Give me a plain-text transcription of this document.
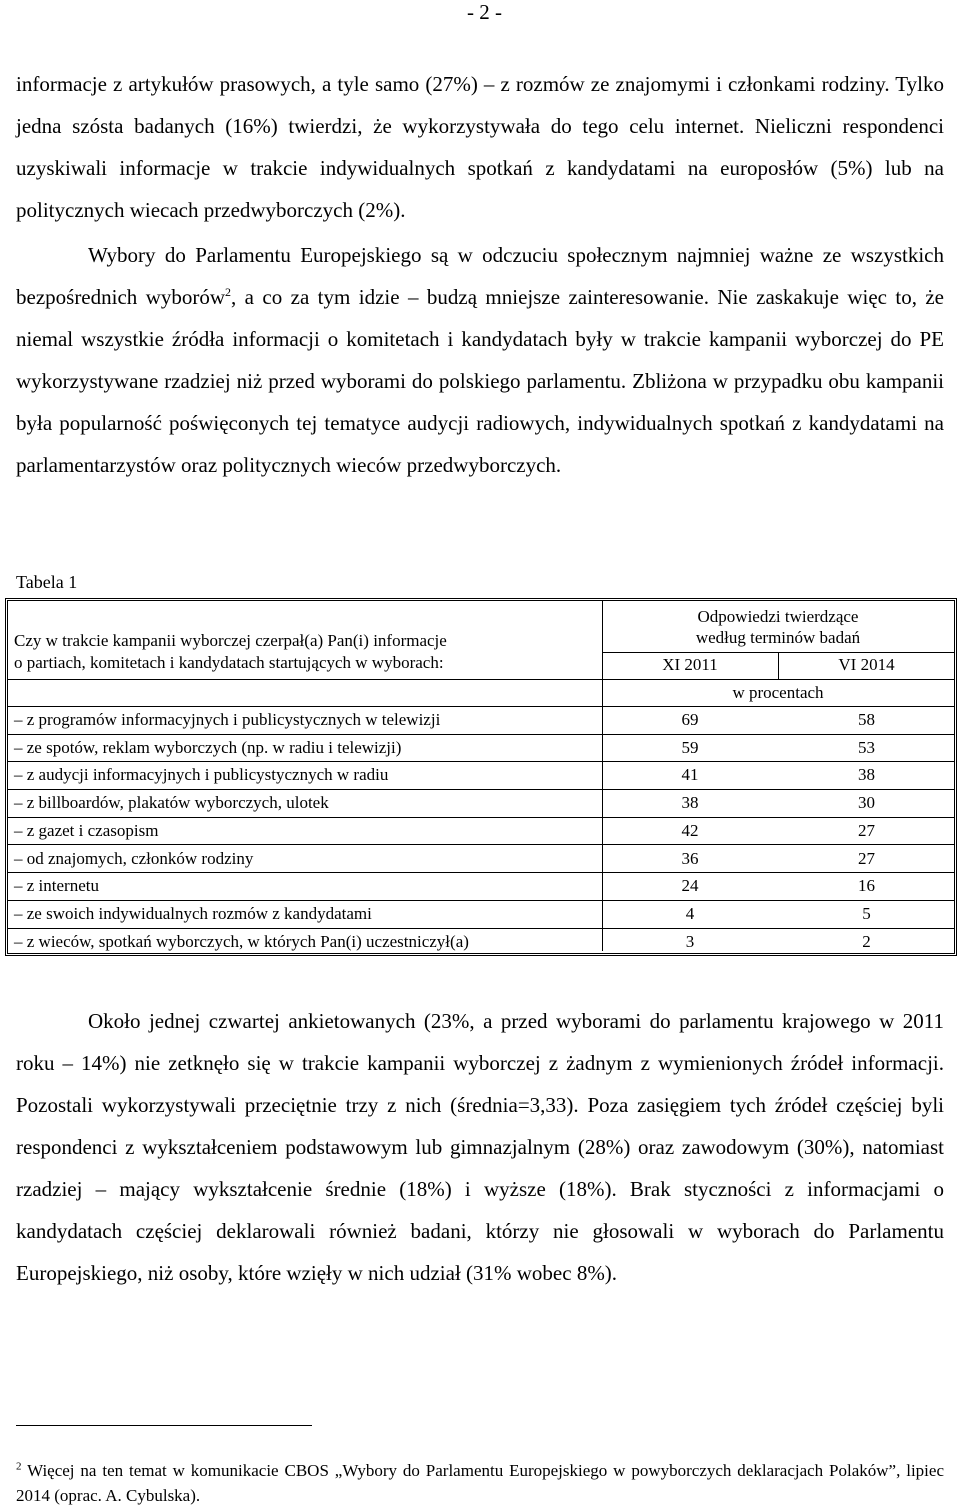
- 2 -

informacje z artykułów prasowych, a tyle samo (27%) – z rozmów ze znajomymi i członkami rodziny. Tylko jedna szósta badanych (16%) twierdzi, że wykorzystywała do tego celu internet. Nieliczni respondenci uzyskiwali informacje w trakcie indywidualnych spotkań z kandydatami na europosłów (5%) lub na politycznych wiecach przedwyborczych (2%).

Wybory do Parlamentu Europejskiego są w odczuciu społecznym najmniej ważne ze wszystkich bezpośrednich wyborów$^2$, a co za tym idzie – budzą mniejsze zainteresowanie. Nie zaskakuje więc to, że niemal wszystkie źródła informacji o komitetach i kandydatach były w trakcie kampanii wyborczej do PE wykorzystywane rzadziej niż przed wyborami do polskiego parlamentu. Zbliżona w przypadku obu kampanii była popularność poświęconych tej tematyce audycji radiowych, indywidualnych spotkań z kandydatami na parlamentarzystów oraz politycznych wieców przedwyborczych.

Tabela 1
Czy w trakcie kampanii wyborczej czerpał(a) Pan(i) informacje
o partiach, komitetach i kandydatach startujących w wyborach:
Odpowiedzi twierdzące
według terminów badań
XI 2011	VI 2014
w procentach
– z programów informacyjnych i publicystycznych w telewizji	69	58
– ze spotów, reklam wyborczych (np. w radiu i telewizji)	59	53
– z audycji informacyjnych i publicystycznych w radiu	41	38
– z billboardów, plakatów wyborczych, ulotek	38	30
– z gazet i czasopism	42	27
– od znajomych, członków rodziny	36	27
– z internetu	24	16
– ze swoich indywidualnych rozmów z kandydatami	4	5
– z wieców, spotkań wyborczych, w których Pan(i) uczestniczył(a)	3	2

Około jednej czwartej ankietowanych (23%, a przed wyborami do parlamentu krajowego w 2011 roku – 14%) nie zetknęło się w trakcie kampanii wyborczej z żadnym z wymienionych źródeł informacji. Pozostali wykorzystywali przeciętnie trzy z nich (średnia=3,33). Poza zasięgiem tych źródeł częściej byli respondenci z wykształceniem podstawowym lub gimnazjalnym (28%) oraz zawodowym (30%), natomiast rzadziej – mający wykształcenie średnie (18%) i wyższe (18%). Brak styczności z informacjami o kandydatach częściej deklarowali również badani, którzy nie głosowali w wyborach do Parlamentu Europejskiego, niż osoby, które wzięły w nich udział (31% wobec 8%).

$^2$ Więcej na ten temat w komunikacie CBOS „Wybory do Parlamentu Europejskiego w powyborczych deklaracjach Polaków”, lipiec 2014 (oprac. A. Cybulska).
